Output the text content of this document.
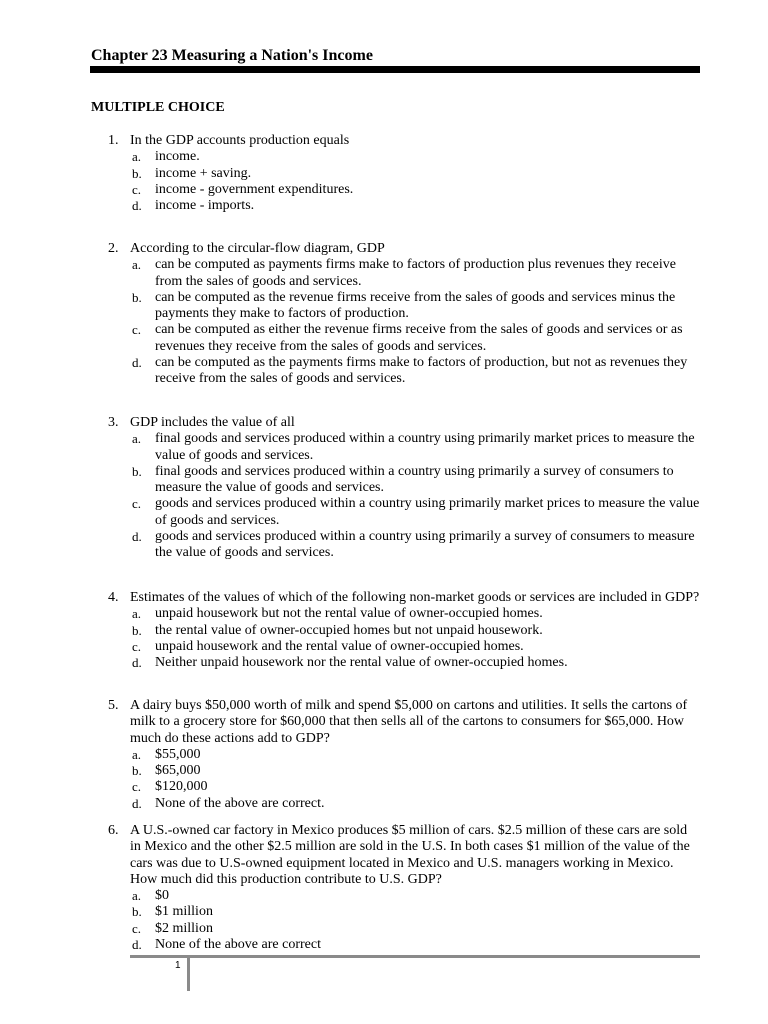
Chapter 23 Measuring a Nation's Income
MULTIPLE CHOICE
1. In the GDP accounts production equals
a. income.
b. income + saving.
c. income - government expenditures.
d. income - imports.
2. According to the circular-flow diagram, GDP
a. can be computed as payments firms make to factors of production plus revenues they receive from the sales of goods and services.
b. can be computed as the revenue firms receive from the sales of goods and services minus the payments they make to factors of production.
c. can be computed as either the revenue firms receive from the sales of goods and services or as revenues they receive from the sales of goods and services.
d. can be computed as the payments firms make to factors of production, but not as revenues they receive from the sales of goods and services.
3. GDP includes the value of all
a. final goods and services produced within a country using primarily market prices to measure the value of goods and services.
b. final goods and services produced within a country using primarily a survey of consumers to measure the value of goods and services.
c. goods and services produced within a country using primarily market prices to measure the value of goods and services.
d. goods and services produced within a country using primarily a survey of consumers to measure the value of goods and services.
4. Estimates of the values of which of the following non-market goods or services are included in GDP?
a. unpaid housework but not the rental value of owner-occupied homes.
b. the rental value of owner-occupied homes but not unpaid housework.
c. unpaid housework and the rental value of owner-occupied homes.
d. Neither unpaid housework nor the rental value of owner-occupied homes.
5. A dairy buys $50,000 worth of milk and spend $5,000 on cartons and utilities. It sells the cartons of milk to a grocery store for $60,000 that then sells all of the cartons to consumers for $65,000. How much do these actions add to GDP?
a. $55,000
b. $65,000
c. $120,000
d. None of the above are correct.
6. A U.S.-owned car factory in Mexico produces $5 million of cars. $2.5 million of these cars are sold in Mexico and the other $2.5 million are sold in the U.S. In both cases $1 million of the value of the cars was due to U.S-owned equipment located in Mexico and U.S. managers working in Mexico. How much did this production contribute to U.S. GDP?
a. $0
b. $1 million
c. $2 million
d. None of the above are correct
1
